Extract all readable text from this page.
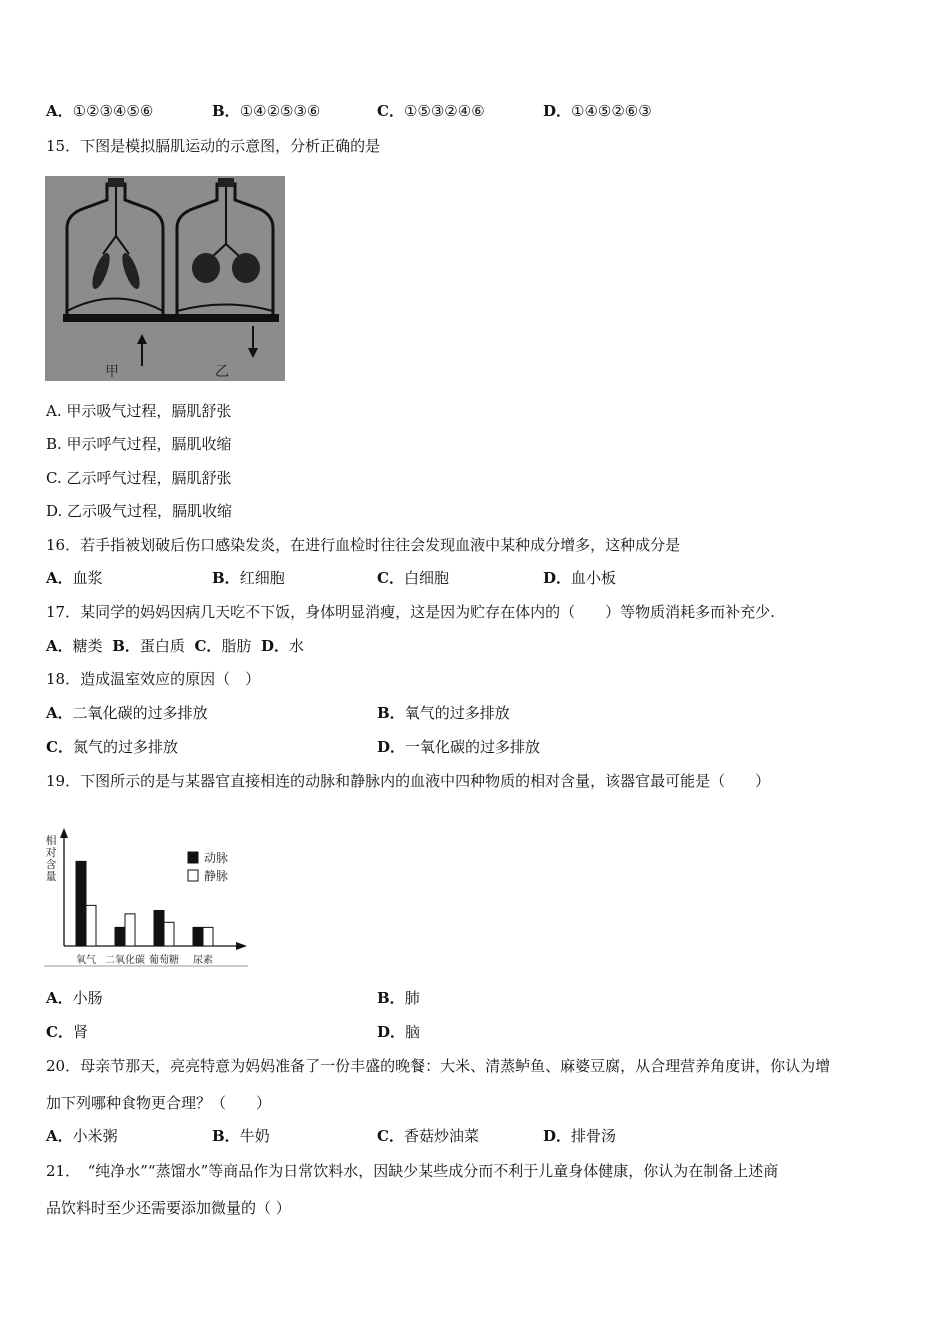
A．①②③④⑤⑥	B．①④②⑤③⑥	C．①⑤③②④⑥	D．①④⑤②⑥③
15．下图是模拟膈肌运动的示意图，分析正确的是
甲	乙
A. 甲示吸气过程，膈肌舒张
B. 甲示呼气过程，膈肌收缩
C. 乙示呼气过程，膈肌舒张
D. 乙示吸气过程，膈肌收缩
16．若手指被划破后伤口感染发炎，在进行血检时往往会发现血液中某种成分增多，这种成分是
A．血浆	B．红细胞	C．白细胞	D．血小板
17．某同学的妈妈因病几天吃不下饭，身体明显消瘦，这是因为贮存在体内的（　　）等物质消耗多而补充少.
A．糖类 B．蛋白质 C．脂肪 D．水
18．造成温室效应的原因（　）
A．二氧化碳的过多排放	B．氧气的过多排放
C．氮气的过多排放	D．一氧化碳的过多排放
19．下图所示的是与某器官直接相连的动脉和静脉内的血液中四种物质的相对含量，该器官最可能是（　　）
相
对
含
量
氧气 二氧化碳 葡萄糖 尿素
动脉
静脉
A．小肠	B．肺
C．肾	D．脑
20．母亲节那天，亮亮特意为妈妈准备了一份丰盛的晚餐：大米、清蒸鲈鱼、麻婆豆腐，从合理营养角度讲，你认为增
加下列哪种食物更合理？（　　）
A．小米粥	B．牛奶	C．香菇炒油菜	D．排骨汤
21．　“纯净水”“蒸馏水”等商品作为日常饮料水，因缺少某些成分而不利于儿童身体健康，你认为在制备上述商
品饮料时至少还需要添加微量的（ ）
